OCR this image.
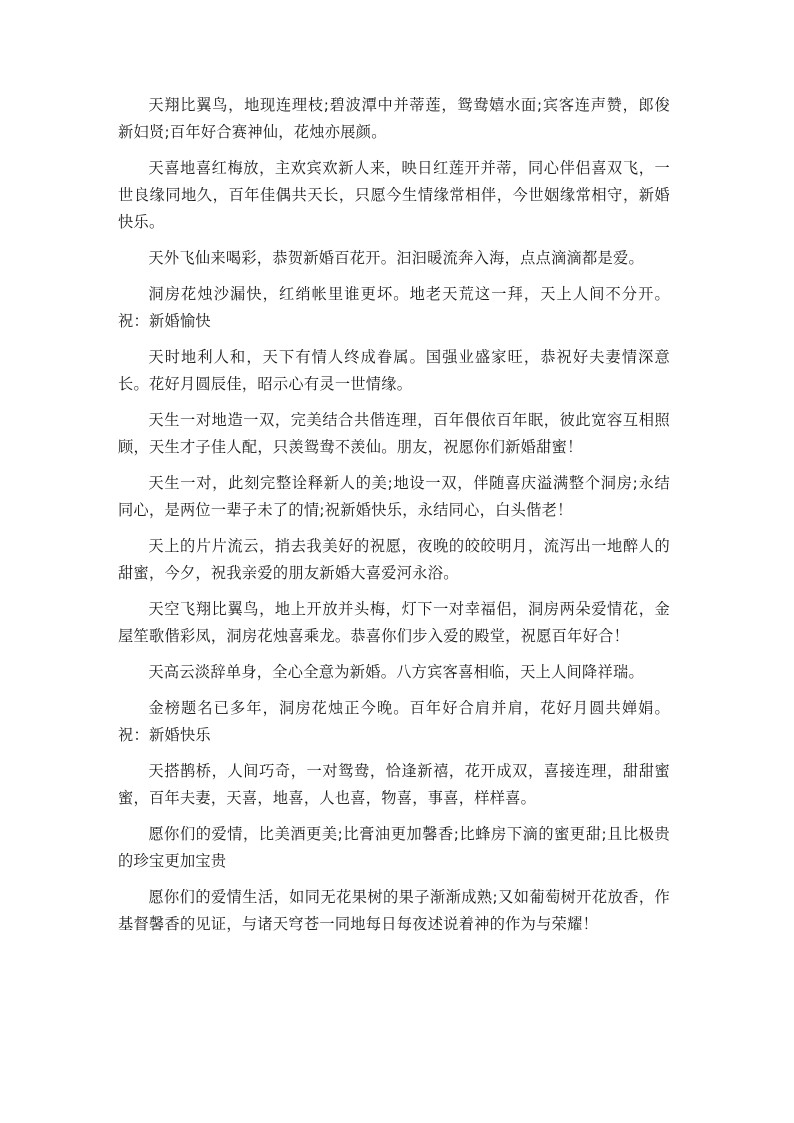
天翔比翼鸟，地现连理枝;碧波潭中并蒂莲，鸳鸯嬉水面;宾客连声赞，郎俊新妇贤;百年好合赛神仙，花烛亦展颜。

天喜地喜红梅放，主欢宾欢新人来，映日红莲开并蒂，同心伴侣喜双飞，一世良缘同地久，百年佳偶共天长，只愿今生情缘常相伴，今世姻缘常相守，新婚快乐。

天外飞仙来喝彩，恭贺新婚百花开。汩汩暖流奔入海，点点滴滴都是爱。

洞房花烛沙漏快，红绡帐里谁更坏。地老天荒这一拜，天上人间不分开。祝：新婚愉快

天时地利人和，天下有情人终成眷属。国强业盛家旺，恭祝好夫妻情深意长。花好月圆辰佳，昭示心有灵一世情缘。

天生一对地造一双，完美结合共偕连理，百年偎依百年眠，彼此宽容互相照顾，天生才子佳人配，只羡鸳鸯不羡仙。朋友，祝愿你们新婚甜蜜！

天生一对，此刻完整诠释新人的美;地设一双，伴随喜庆溢满整个洞房;永结同心，是两位一辈子未了的情;祝新婚快乐，永结同心，白头偕老！

天上的片片流云，捎去我美好的祝愿，夜晚的皎皎明月，流泻出一地醉人的甜蜜，今夕，祝我亲爱的朋友新婚大喜爱河永浴。

天空飞翔比翼鸟，地上开放并头梅，灯下一对幸福侣，洞房两朵爱情花，金屋笙歌偕彩凤，洞房花烛喜乘龙。恭喜你们步入爱的殿堂，祝愿百年好合！

天高云淡辞单身，全心全意为新婚。八方宾客喜相临，天上人间降祥瑞。

金榜题名已多年，洞房花烛正今晚。百年好合肩并肩，花好月圆共婵娟。祝：新婚快乐

天搭鹊桥，人间巧奇，一对鸳鸯，恰逢新禧，花开成双，喜接连理，甜甜蜜蜜，百年夫妻，天喜，地喜，人也喜，物喜，事喜，样样喜。

愿你们的爱情，比美酒更美;比膏油更加馨香;比蜂房下滴的蜜更甜;且比极贵的珍宝更加宝贵

愿你们的爱情生活，如同无花果树的果子渐渐成熟;又如葡萄树开花放香，作基督馨香的见证，与诸天穹苍一同地每日每夜述说着神的作为与荣耀！
